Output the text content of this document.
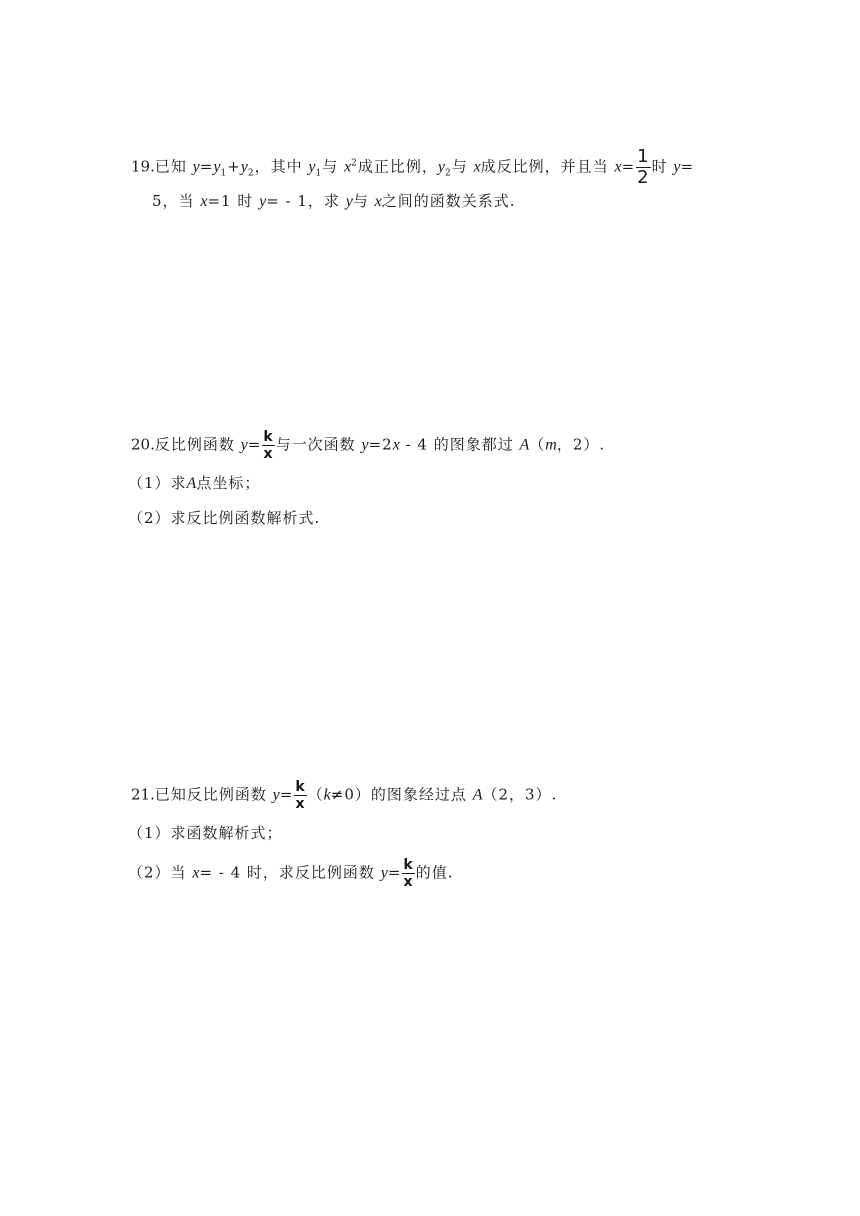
19.已知 $y=y_1+y_2$，其中 $y_1$与 $x^2$成正比例，$y_2$与 x成反比例，并且当 $x= \frac{1}{2}$ 时 y=
5，当 x=1 时 y= - 1，求 y与 x之间的函数关系式.
20.反比例函数 $y= \frac{k}{x}$ 与一次函数 y=2x - 4 的图象都过 A（m，2）.
（1）求A点坐标；
（2）求反比例函数解析式.
21.已知反比例函数 $y= \frac{k}{x} (k\ne 0)$的图象经过点 A（2，3）.
（1）求函数解析式；
（2）当 x= - 4 时，求反比例函数 $y= \frac{k}{x}$ 的值.
